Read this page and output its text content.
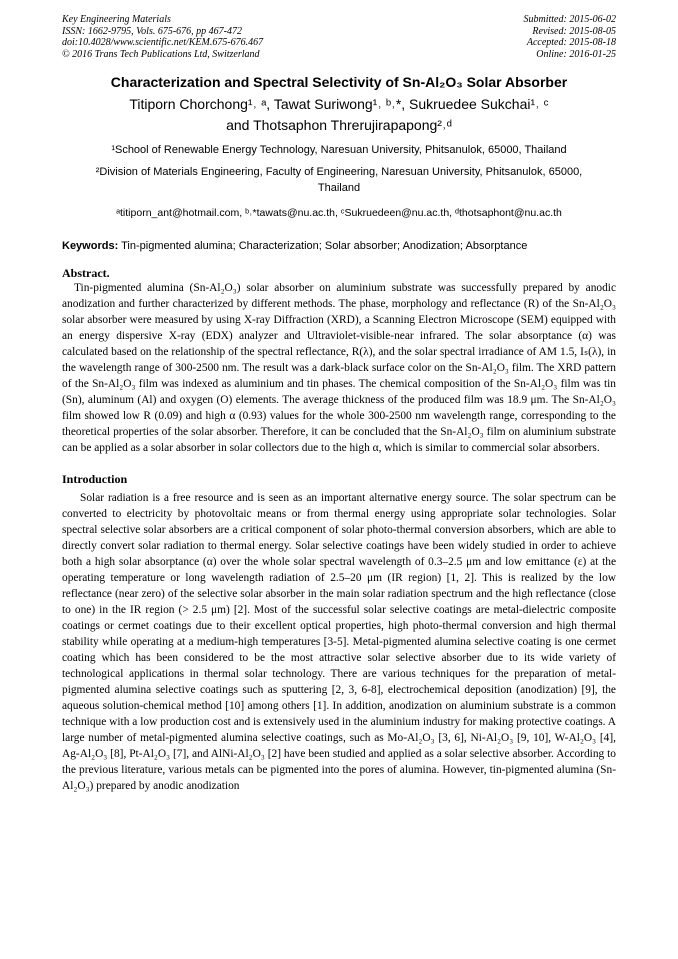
Key Engineering Materials
ISSN: 1662-9795, Vols. 675-676, pp 467-472
doi:10.4028/www.scientific.net/KEM.675-676.467
© 2016 Trans Tech Publications Ltd, Switzerland
Submitted: 2015-06-02
Revised: 2015-08-05
Accepted: 2015-08-18
Online: 2016-01-25
Characterization and Spectral Selectivity of Sn-Al₂O₃ Solar Absorber
Titiporn Chorchong¹˒ ᵃ, Tawat Suriwong¹˒ ᵇ˒*, Sukruedee Sukchai¹˒ ᶜ
and Thotsaphon Threrujirapapong²˒ᵈ
¹School of Renewable Energy Technology, Naresuan University, Phitsanulok, 65000, Thailand
²Division of Materials Engineering, Faculty of Engineering, Naresuan University, Phitsanulok, 65000, Thailand
ᵃtitiporn_ant@hotmail.com, ᵇ˒*tawats@nu.ac.th, ᶜSukruedeen@nu.ac.th, ᵈthotsaphont@nu.ac.th
Keywords: Tin-pigmented alumina; Characterization; Solar absorber; Anodization; Absorptance
Abstract.
Tin-pigmented alumina (Sn-Al₂O₃) solar absorber on aluminium substrate was successfully prepared by anodic anodization and further characterized by different methods. The phase, morphology and reflectance (R) of the Sn-Al₂O₃ solar absorber were measured by using X-ray Diffraction (XRD), a Scanning Electron Microscope (SEM) equipped with an energy dispersive X-ray (EDX) analyzer and Ultraviolet-visible-near infrared. The solar absorptance (α) was calculated based on the relationship of the spectral reflectance, R(λ), and the solar spectral irradiance of AM 1.5, Iₛ(λ), in the wavelength range of 300-2500 nm. The result was a dark-black surface color on the Sn-Al₂O₃ film. The XRD pattern of the Sn-Al₂O₃ film was indexed as aluminium and tin phases. The chemical composition of the Sn-Al₂O₃ film was tin (Sn), aluminum (Al) and oxygen (O) elements. The average thickness of the produced film was 18.9 μm. The Sn-Al₂O₃ film showed low R (0.09) and high α (0.93) values for the whole 300-2500 nm wavelength range, corresponding to the theoretical properties of the solar absorber. Therefore, it can be concluded that the Sn-Al₂O₃ film on aluminium substrate can be applied as a solar absorber in solar collectors due to the high α, which is similar to commercial solar absorbers.
Introduction
Solar radiation is a free resource and is seen as an important alternative energy source. The solar spectrum can be converted to electricity by photovoltaic means or from thermal energy using appropriate solar technologies. Solar spectral selective solar absorbers are a critical component of solar photo-thermal conversion absorbers, which are able to directly convert solar radiation to thermal energy. Solar selective coatings have been widely studied in order to achieve both a high solar absorptance (α) over the whole solar spectral wavelength of 0.3–2.5 μm and low emittance (ε) at the operating temperature or long wavelength radiation of 2.5–20 μm (IR region) [1, 2]. This is realized by the low reflectance (near zero) of the selective solar absorber in the main solar radiation spectrum and the high reflectance (close to one) in the IR region (> 2.5 μm) [2]. Most of the successful solar selective coatings are metal-dielectric composite coatings or cermet coatings due to their excellent optical properties, high photo-thermal conversion and high thermal stability while operating at a medium-high temperatures [3-5]. Metal-pigmented alumina selective coating is one cermet coating which has been considered to be the most attractive solar selective absorber due to its wide variety of technological applications in thermal solar technology. There are various techniques for the preparation of metal-pigmented alumina selective coatings such as sputtering [2, 3, 6-8], electrochemical deposition (anodization) [9], the aqueous solution-chemical method [10] among others [1]. In addition, anodization on aluminium substrate is a common technique with a low production cost and is extensively used in the aluminium industry for making protective coatings. A large number of metal-pigmented alumina selective coatings, such as Mo-Al₂O₃ [3, 6], Ni-Al₂O₃ [9, 10], W-Al₂O₃ [4], Ag-Al₂O₃ [8], Pt-Al₂O₃ [7], and AlNi-Al₂O₃ [2] have been studied and applied as a solar selective absorber. According to the previous literature, various metals can be pigmented into the pores of alumina. However, tin-pigmented alumina (Sn-Al₂O₃) prepared by anodic anodization
